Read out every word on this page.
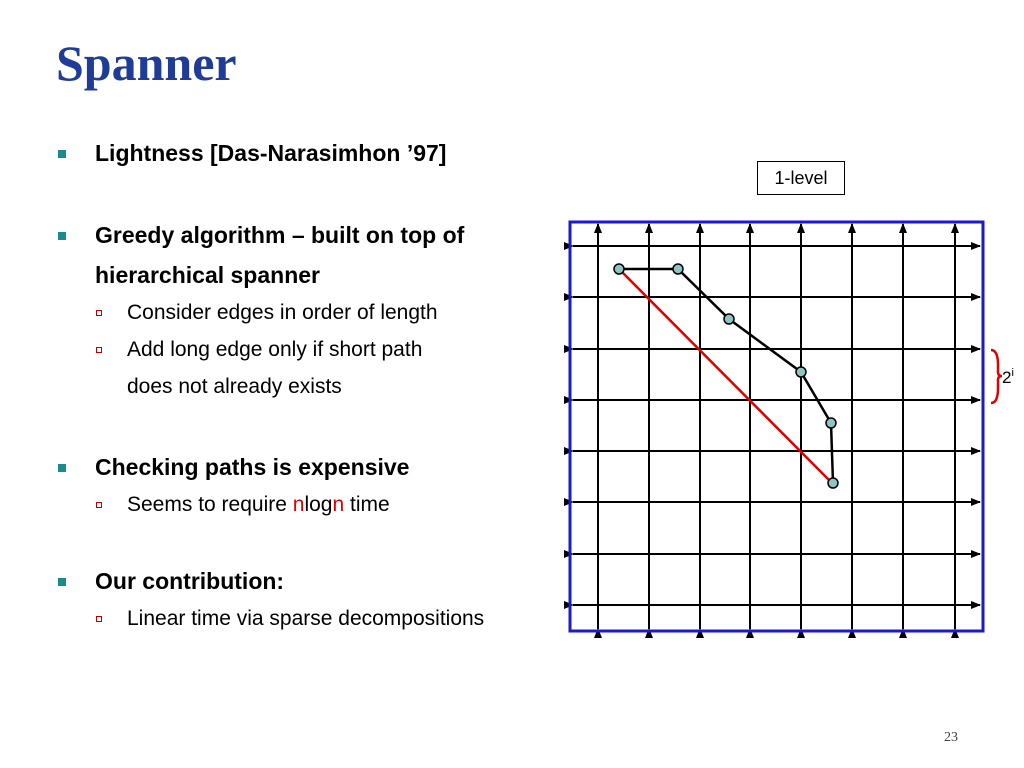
Spanner
Lightness [Das-Narasimhon ’97]
Greedy algorithm – built on top of
hierarchical spanner
Consider edges in order of length
Add long edge only if short path
does not already exists
Checking paths is expensive
Seems to require nlogn time
Our contribution:
Linear time via sparse decompositions
2$^i$
1-level
23
